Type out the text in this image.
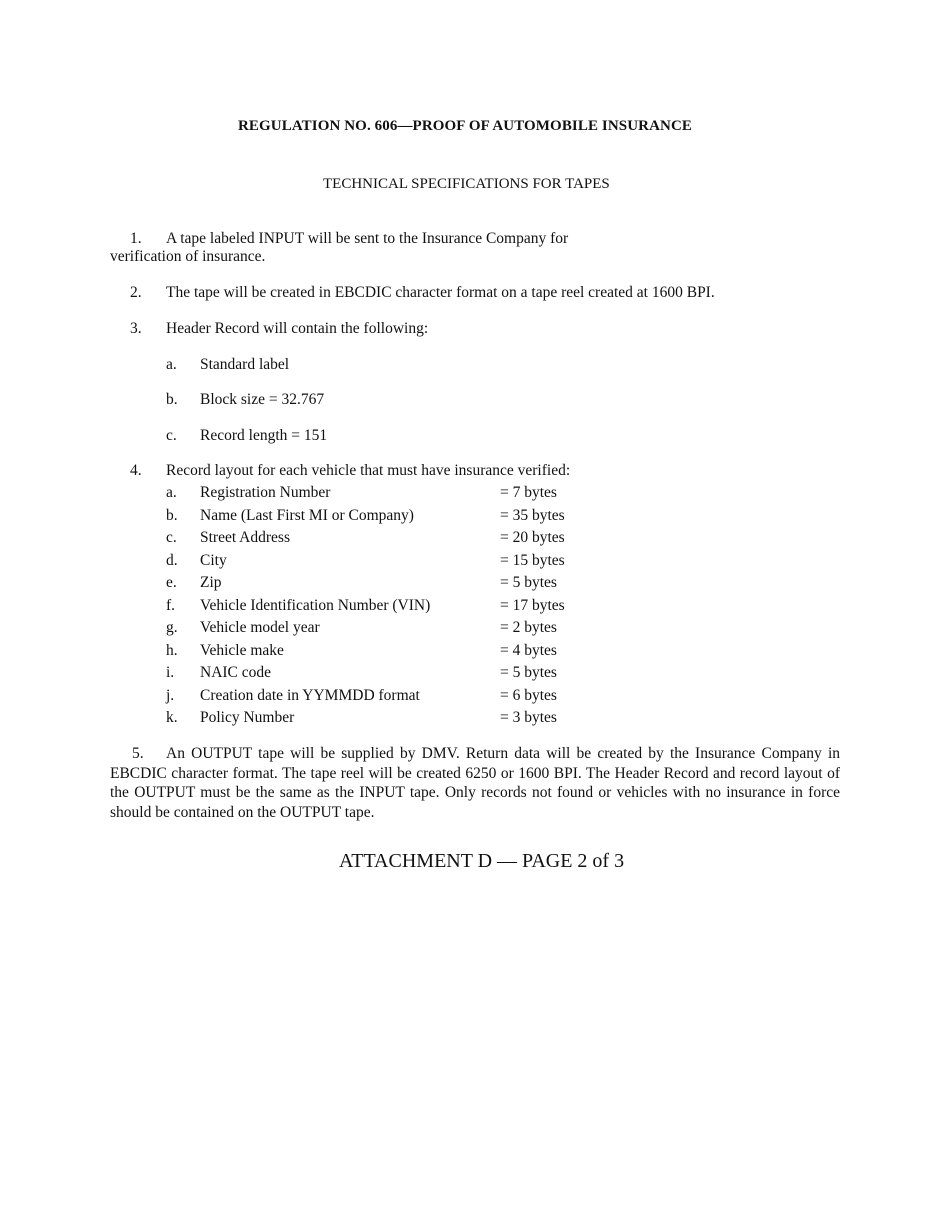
REGULATION NO. 606—PROOF OF AUTOMOBILE INSURANCE
TECHNICAL SPECIFICATIONS FOR TAPES
1.	A tape labeled INPUT will be sent to the Insurance Company for
verification of insurance.
2.	The tape will be created in EBCDIC character format on a tape reel created at 1600 BPI.
3.	Header Record will contain the following:
a. Standard label
b. Block size = 32.767
c. Record length = 151
4.	Record layout for each vehicle that must have insurance verified:
a. Registration Number	= 7 bytes
b. Name (Last First MI or Company)	= 35 bytes
c. Street Address	= 20 bytes
d. City	= 15 bytes
e. Zip	= 5 bytes
f. Vehicle Identification Number (VIN)	= 17 bytes
g. Vehicle model year	= 2 bytes
h. Vehicle make	= 4 bytes
i. NAIC code	= 5 bytes
j. Creation date in YYMMDD format	= 6 bytes
k. Policy Number	= 3 bytes
5. An OUTPUT tape will be supplied by DMV. Return data will be created by the Insurance Company in EBCDIC character format. The tape reel will be created 6250 or 1600 BPI. The Header Record and record layout of the OUTPUT must be the same as the INPUT tape. Only records not found or vehicles with no insurance in force should be contained on the OUTPUT tape.
ATTACHMENT D — PAGE 2 of 3
